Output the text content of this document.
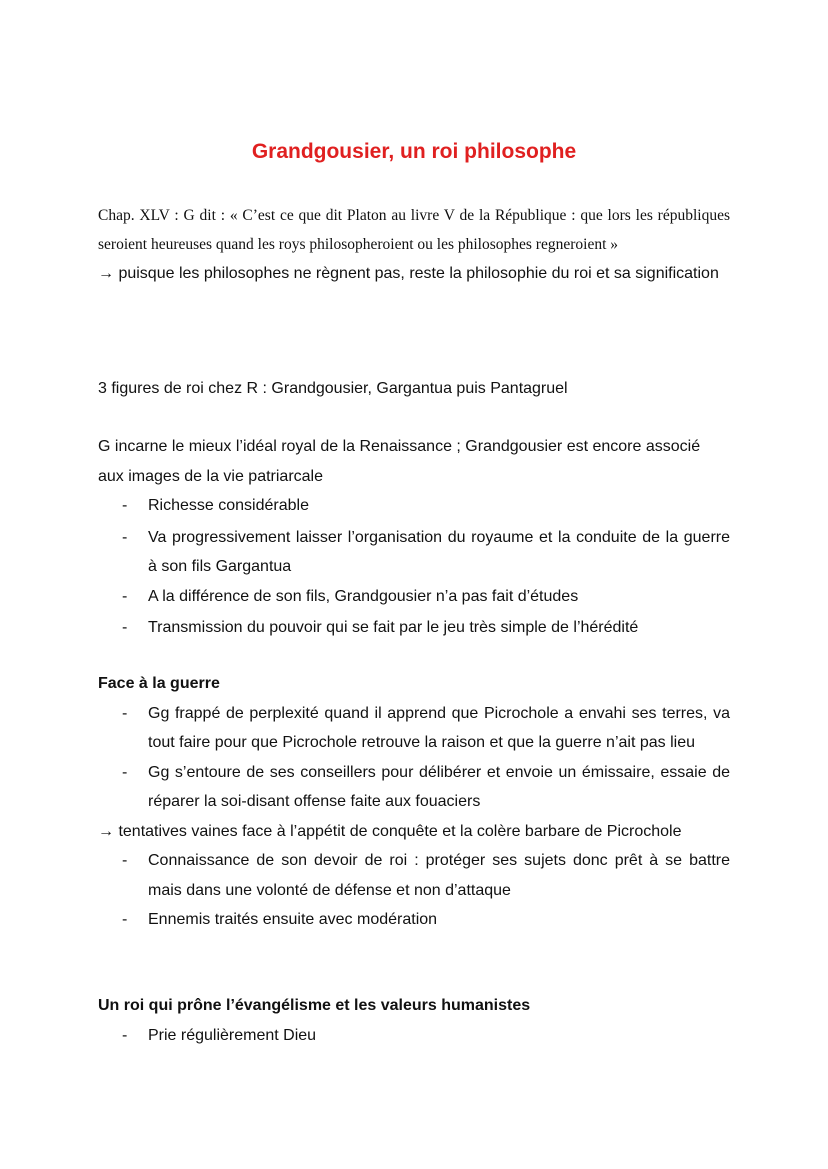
Grandgousier, un roi philosophe

Chap. XLV : G dit : « C’est ce que dit Platon au livre V de la République : que lors les républiques seroient heureuses quand les roys philosopheroient ou les philosophes regneroient »

→ puisque les philosophes ne règnent pas, reste la philosophie du roi et sa signification

3 figures de roi chez R : Grandgousier, Gargantua puis Pantagruel

G incarne le mieux l’idéal royal de la Renaissance ; Grandgousier est encore associé aux images de la vie patriarcale

- Richesse considérable
- Va progressivement laisser l’organisation du royaume et la conduite de la guerre à son fils Gargantua
- A la différence de son fils, Grandgousier n’a pas fait d’études
- Transmission du pouvoir qui se fait par le jeu très simple de l’hérédité

Face à la guerre

- Gg frappé de perplexité quand il apprend que Picrochole a envahi ses terres, va tout faire pour que Picrochole retrouve la raison et que la guerre n’ait pas lieu
- Gg s’entoure de ses conseillers pour délibérer et envoie un émissaire, essaie de réparer la soi-disant offense faite aux fouaciers

→ tentatives vaines face à l’appétit de conquête et la colère barbare de Picrochole

- Connaissance de son devoir de roi : protéger ses sujets donc prêt à se battre mais dans une volonté de défense et non d’attaque
- Ennemis traités ensuite avec modération

Un roi qui prône l’évangélisme et les valeurs humanistes

- Prie régulièrement Dieu
